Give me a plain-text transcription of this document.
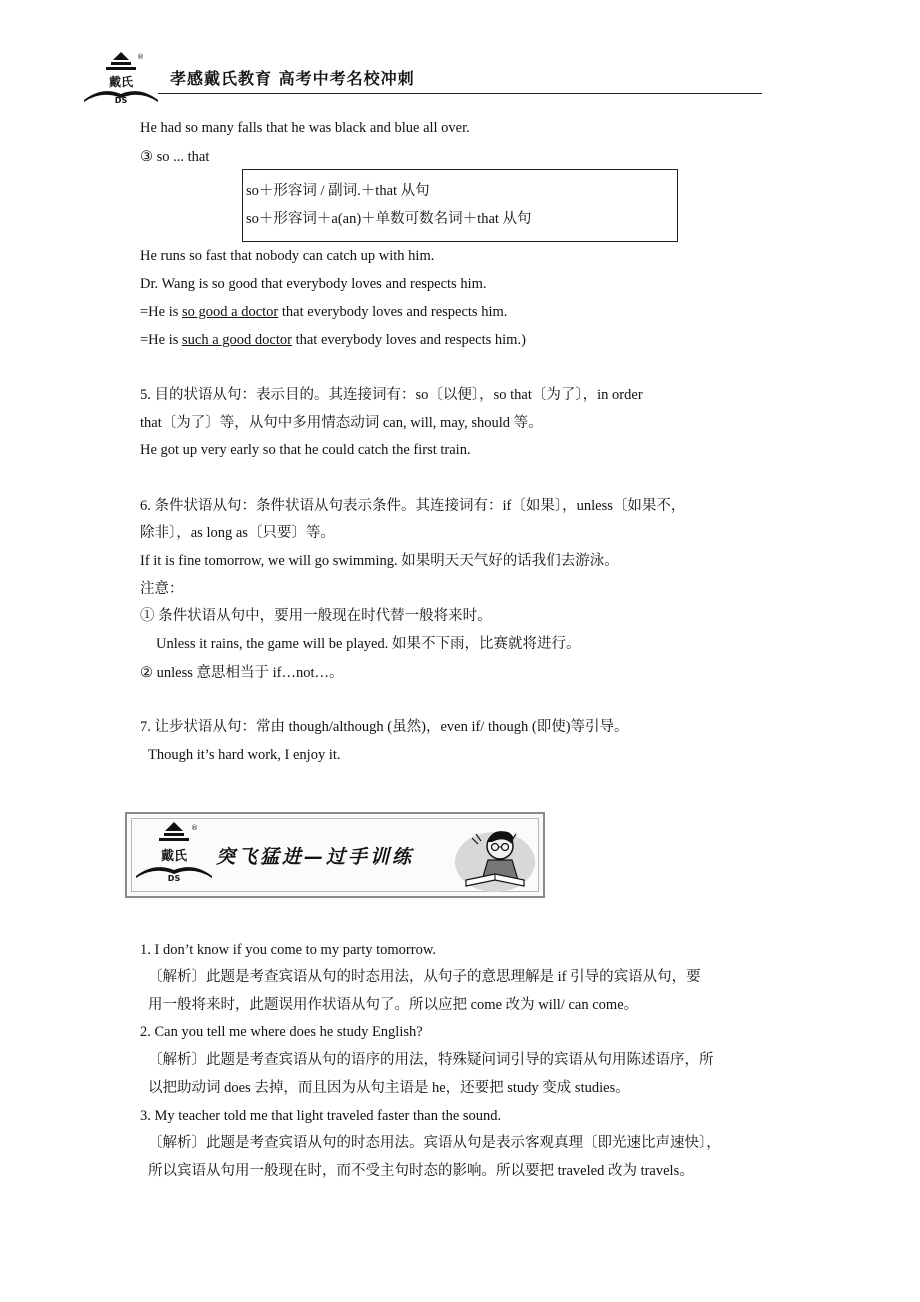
戴氏
DS
®
孝感戴氏教育 高考中考名校冲刺
He had so many falls that he was black and blue all over.
③ so ... that
so＋形容词 / 副词.＋that 从句
so＋形容词＋a(an)＋单数可数名词＋that 从句
He runs so fast that nobody can catch up with him.
Dr. Wang is so good that everybody loves and respects him.
=He is so good a doctor that everybody loves and respects him.
=He is such a good doctor that everybody loves and respects him.)
5. 目的状语从句：表示目的。其连接词有：so〔以便〕，so that〔为了〕，in order
that〔为了〕等，从句中多用情态动词 can, will, may, should 等。
He got up very early so that he could catch the first train.
6. 条件状语从句：条件状语从句表示条件。其连接词有：if〔如果〕，unless〔如果不，
除非〕，as long as〔只要〕等。
If it is fine tomorrow, we will go swimming. 如果明天天气好的话我们去游泳。
注意：
① 条件状语从句中，要用一般现在时代替一般将来时。
Unless it rains, the game will be played. 如果不下雨，比赛就将进行。
② unless 意思相当于 if…not…。
7. 让步状语从句：常由 though/although (虽然)，even if/ though (即使)等引导。
Though it’s hard work, I enjoy it.
戴氏
DS
®
突飞猛进—过手训练
1. I don’t know if you come to my party tomorrow.
〔解析〕此题是考查宾语从句的时态用法，从句子的意思理解是 if 引导的宾语从句，要
用一般将来时，此题误用作状语从句了。所以应把 come 改为 will/ can come。
2. Can you tell me where does he study English?
〔解析〕此题是考查宾语从句的语序的用法，特殊疑问词引导的宾语从句用陈述语序，所
以把助动词 does 去掉，而且因为从句主语是 he，还要把 study 变成 studies。
3. My teacher told me that light traveled faster than the sound.
〔解析〕此题是考查宾语从句的时态用法。宾语从句是表示客观真理〔即光速比声速快〕，
所以宾语从句用一般现在时，而不受主句时态的影响。所以要把 traveled 改为 travels。
